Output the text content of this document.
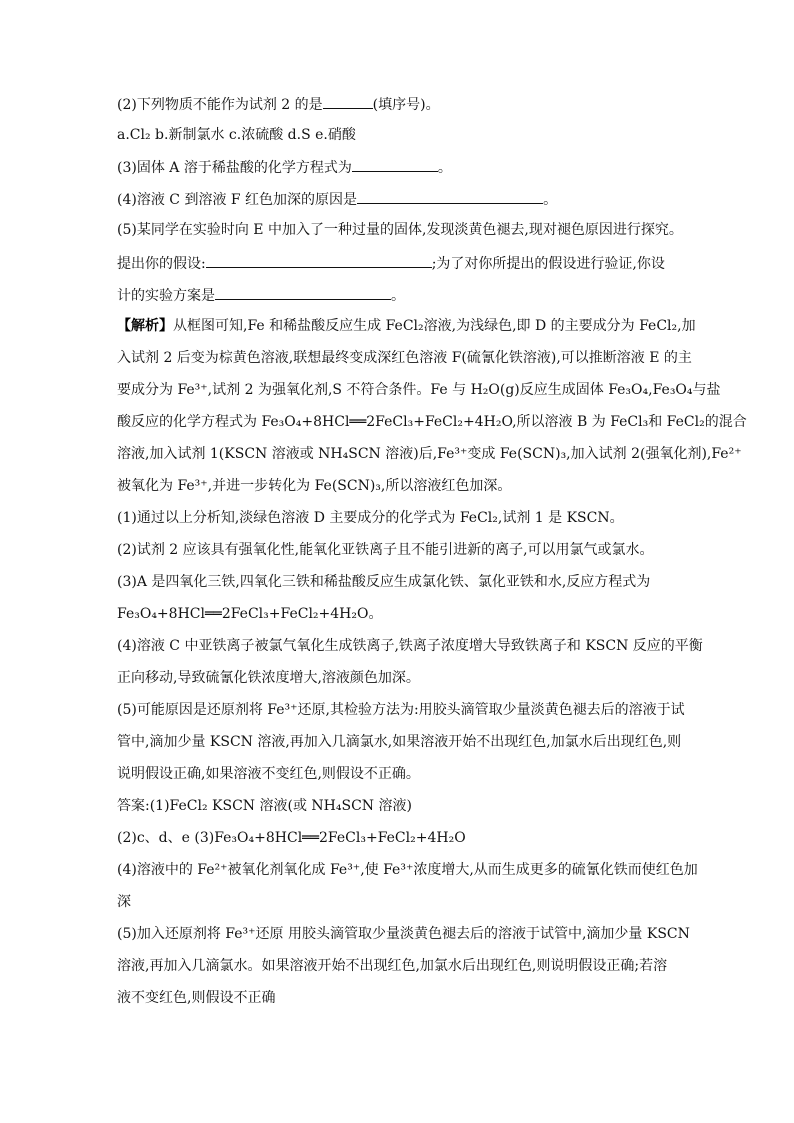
(2)下列物质不能作为试剂 2 的是	(填序号)。

a.Cl₂ b.新制氯水 c.浓硫酸 d.S e.硝酸

(3)固体 A 溶于稀盐酸的化学方程式为	。

(4)溶液 C 到溶液 F 红色加深的原因是	。

(5)某同学在实验时向 E 中加入了一种过量的固体,发现淡黄色褪去,现对褪色原因进行探究。

提出你的假设:	;为了对你所提出的假设进行验证,你设

计的实验方案是	。

【解析】从框图可知,Fe 和稀盐酸反应生成 FeCl₂溶液,为浅绿色,即 D 的主要成分为 FeCl₂,加

入试剂 2 后变为棕黄色溶液,联想最终变成深红色溶液 F(硫氰化铁溶液),可以推断溶液 E 的主

要成分为 Fe³⁺,试剂 2 为强氧化剂,S 不符合条件。Fe 与 H₂O(g)反应生成固体 Fe₃O₄,Fe₃O₄与盐

酸反应的化学方程式为 Fe₃O₄+8HCl══2FeCl₃+FeCl₂+4H₂O,所以溶液 B 为 FeCl₃和 FeCl₂的混合

溶液,加入试剂 1(KSCN 溶液或 NH₄SCN 溶液)后,Fe³⁺变成 Fe(SCN)₃,加入试剂 2(强氧化剂),Fe²⁺

被氧化为 Fe³⁺,并进一步转化为 Fe(SCN)₃,所以溶液红色加深。

(1)通过以上分析知,淡绿色溶液 D 主要成分的化学式为 FeCl₂,试剂 1 是 KSCN。

(2)试剂 2 应该具有强氧化性,能氧化亚铁离子且不能引进新的离子,可以用氯气或氯水。

(3)A 是四氧化三铁,四氧化三铁和稀盐酸反应生成氯化铁、氯化亚铁和水,反应方程式为

Fe₃O₄+8HCl══2FeCl₃+FeCl₂+4H₂O。

(4)溶液 C 中亚铁离子被氯气氧化生成铁离子,铁离子浓度增大导致铁离子和 KSCN 反应的平衡

正向移动,导致硫氰化铁浓度增大,溶液颜色加深。

(5)可能原因是还原剂将 Fe³⁺还原,其检验方法为:用胶头滴管取少量淡黄色褪去后的溶液于试

管中,滴加少量 KSCN 溶液,再加入几滴氯水,如果溶液开始不出现红色,加氯水后出现红色,则

说明假设正确,如果溶液不变红色,则假设不正确。

答案:(1)FeCl₂ KSCN 溶液(或 NH₄SCN 溶液)

(2)c、d、e (3)Fe₃O₄+8HCl══2FeCl₃+FeCl₂+4H₂O

(4)溶液中的 Fe²⁺被氧化剂氧化成 Fe³⁺,使 Fe³⁺浓度增大,从而生成更多的硫氰化铁而使红色加

深

(5)加入还原剂将 Fe³⁺还原 用胶头滴管取少量淡黄色褪去后的溶液于试管中,滴加少量 KSCN

溶液,再加入几滴氯水。如果溶液开始不出现红色,加氯水后出现红色,则说明假设正确;若溶

液不变红色,则假设不正确
